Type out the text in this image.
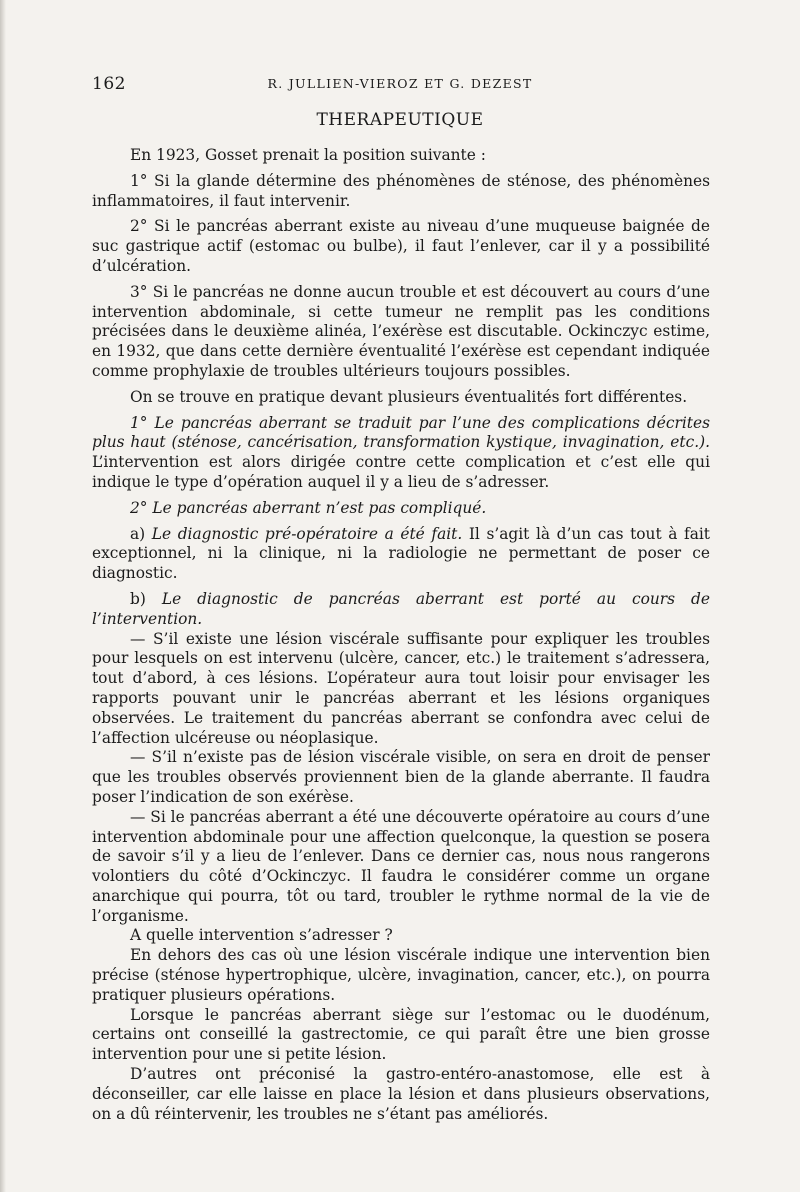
162	R. JULLIEN-VIEROZ ET G. DEZEST
THERAPEUTIQUE

En 1923, Gosset prenait la position suivante :

1° Si la glande détermine des phénomènes de sténose, des phénomènes inflammatoires, il faut intervenir.

2° Si le pancréas aberrant existe au niveau d’une muqueuse baignée de suc gastrique actif (estomac ou bulbe), il faut l’enlever, car il y a possibilité d’ulcération.

3° Si le pancréas ne donne aucun trouble et est découvert au cours d’une intervention abdominale, si cette tumeur ne remplit pas les conditions précisées dans le deuxième alinéa, l’exérèse est discutable. Ockinczyc estime, en 1932, que dans cette dernière éventualité l’exérèse est cependant indiquée comme prophylaxie de troubles ultérieurs toujours possibles.

On se trouve en pratique devant plusieurs éventualités fort différentes.

1° Le pancréas aberrant se traduit par l’une des complications décrites plus haut (sténose, cancérisation, transformation kystique, invagination, etc.). L’intervention est alors dirigée contre cette complication et c’est elle qui indique le type d’opération auquel il y a lieu de s’adresser.

2° Le pancréas aberrant n’est pas compliqué.

a) Le diagnostic pré-opératoire a été fait. Il s’agit là d’un cas tout à fait exceptionnel, ni la clinique, ni la radiologie ne permettant de poser ce diagnostic.

b) Le diagnostic de pancréas aberrant est porté au cours de l’intervention.

— S’il existe une lésion viscérale suffisante pour expliquer les troubles pour lesquels on est intervenu (ulcère, cancer, etc.) le traitement s’adressera, tout d’abord, à ces lésions. L’opérateur aura tout loisir pour envisager les rapports pouvant unir le pancréas aberrant et les lésions organiques observées. Le traitement du pancréas aberrant se confondra avec celui de l’affection ulcéreuse ou néoplasique.

— S’il n’existe pas de lésion viscérale visible, on sera en droit de penser que les troubles observés proviennent bien de la glande aberrante. Il faudra poser l’indication de son exérèse.

— Si le pancréas aberrant a été une découverte opératoire au cours d’une intervention abdominale pour une affection quelconque, la question se posera de savoir s’il y a lieu de l’enlever. Dans ce dernier cas, nous nous rangerons volontiers du côté d’Ockinczyc. Il faudra le considérer comme un organe anarchique qui pourra, tôt ou tard, troubler le rythme normal de la vie de l’organisme.

A quelle intervention s’adresser ?

En dehors des cas où une lésion viscérale indique une intervention bien précise (sténose hypertrophique, ulcère, invagination, cancer, etc.), on pourra pratiquer plusieurs opérations.

Lorsque le pancréas aberrant siège sur l’estomac ou le duodénum, certains ont conseillé la gastrectomie, ce qui paraît être une bien grosse intervention pour une si petite lésion.

D’autres ont préconisé la gastro-entéro-anastomose, elle est à déconseiller, car elle laisse en place la lésion et dans plusieurs observations, on a dû réintervenir, les troubles ne s’étant pas améliorés.
